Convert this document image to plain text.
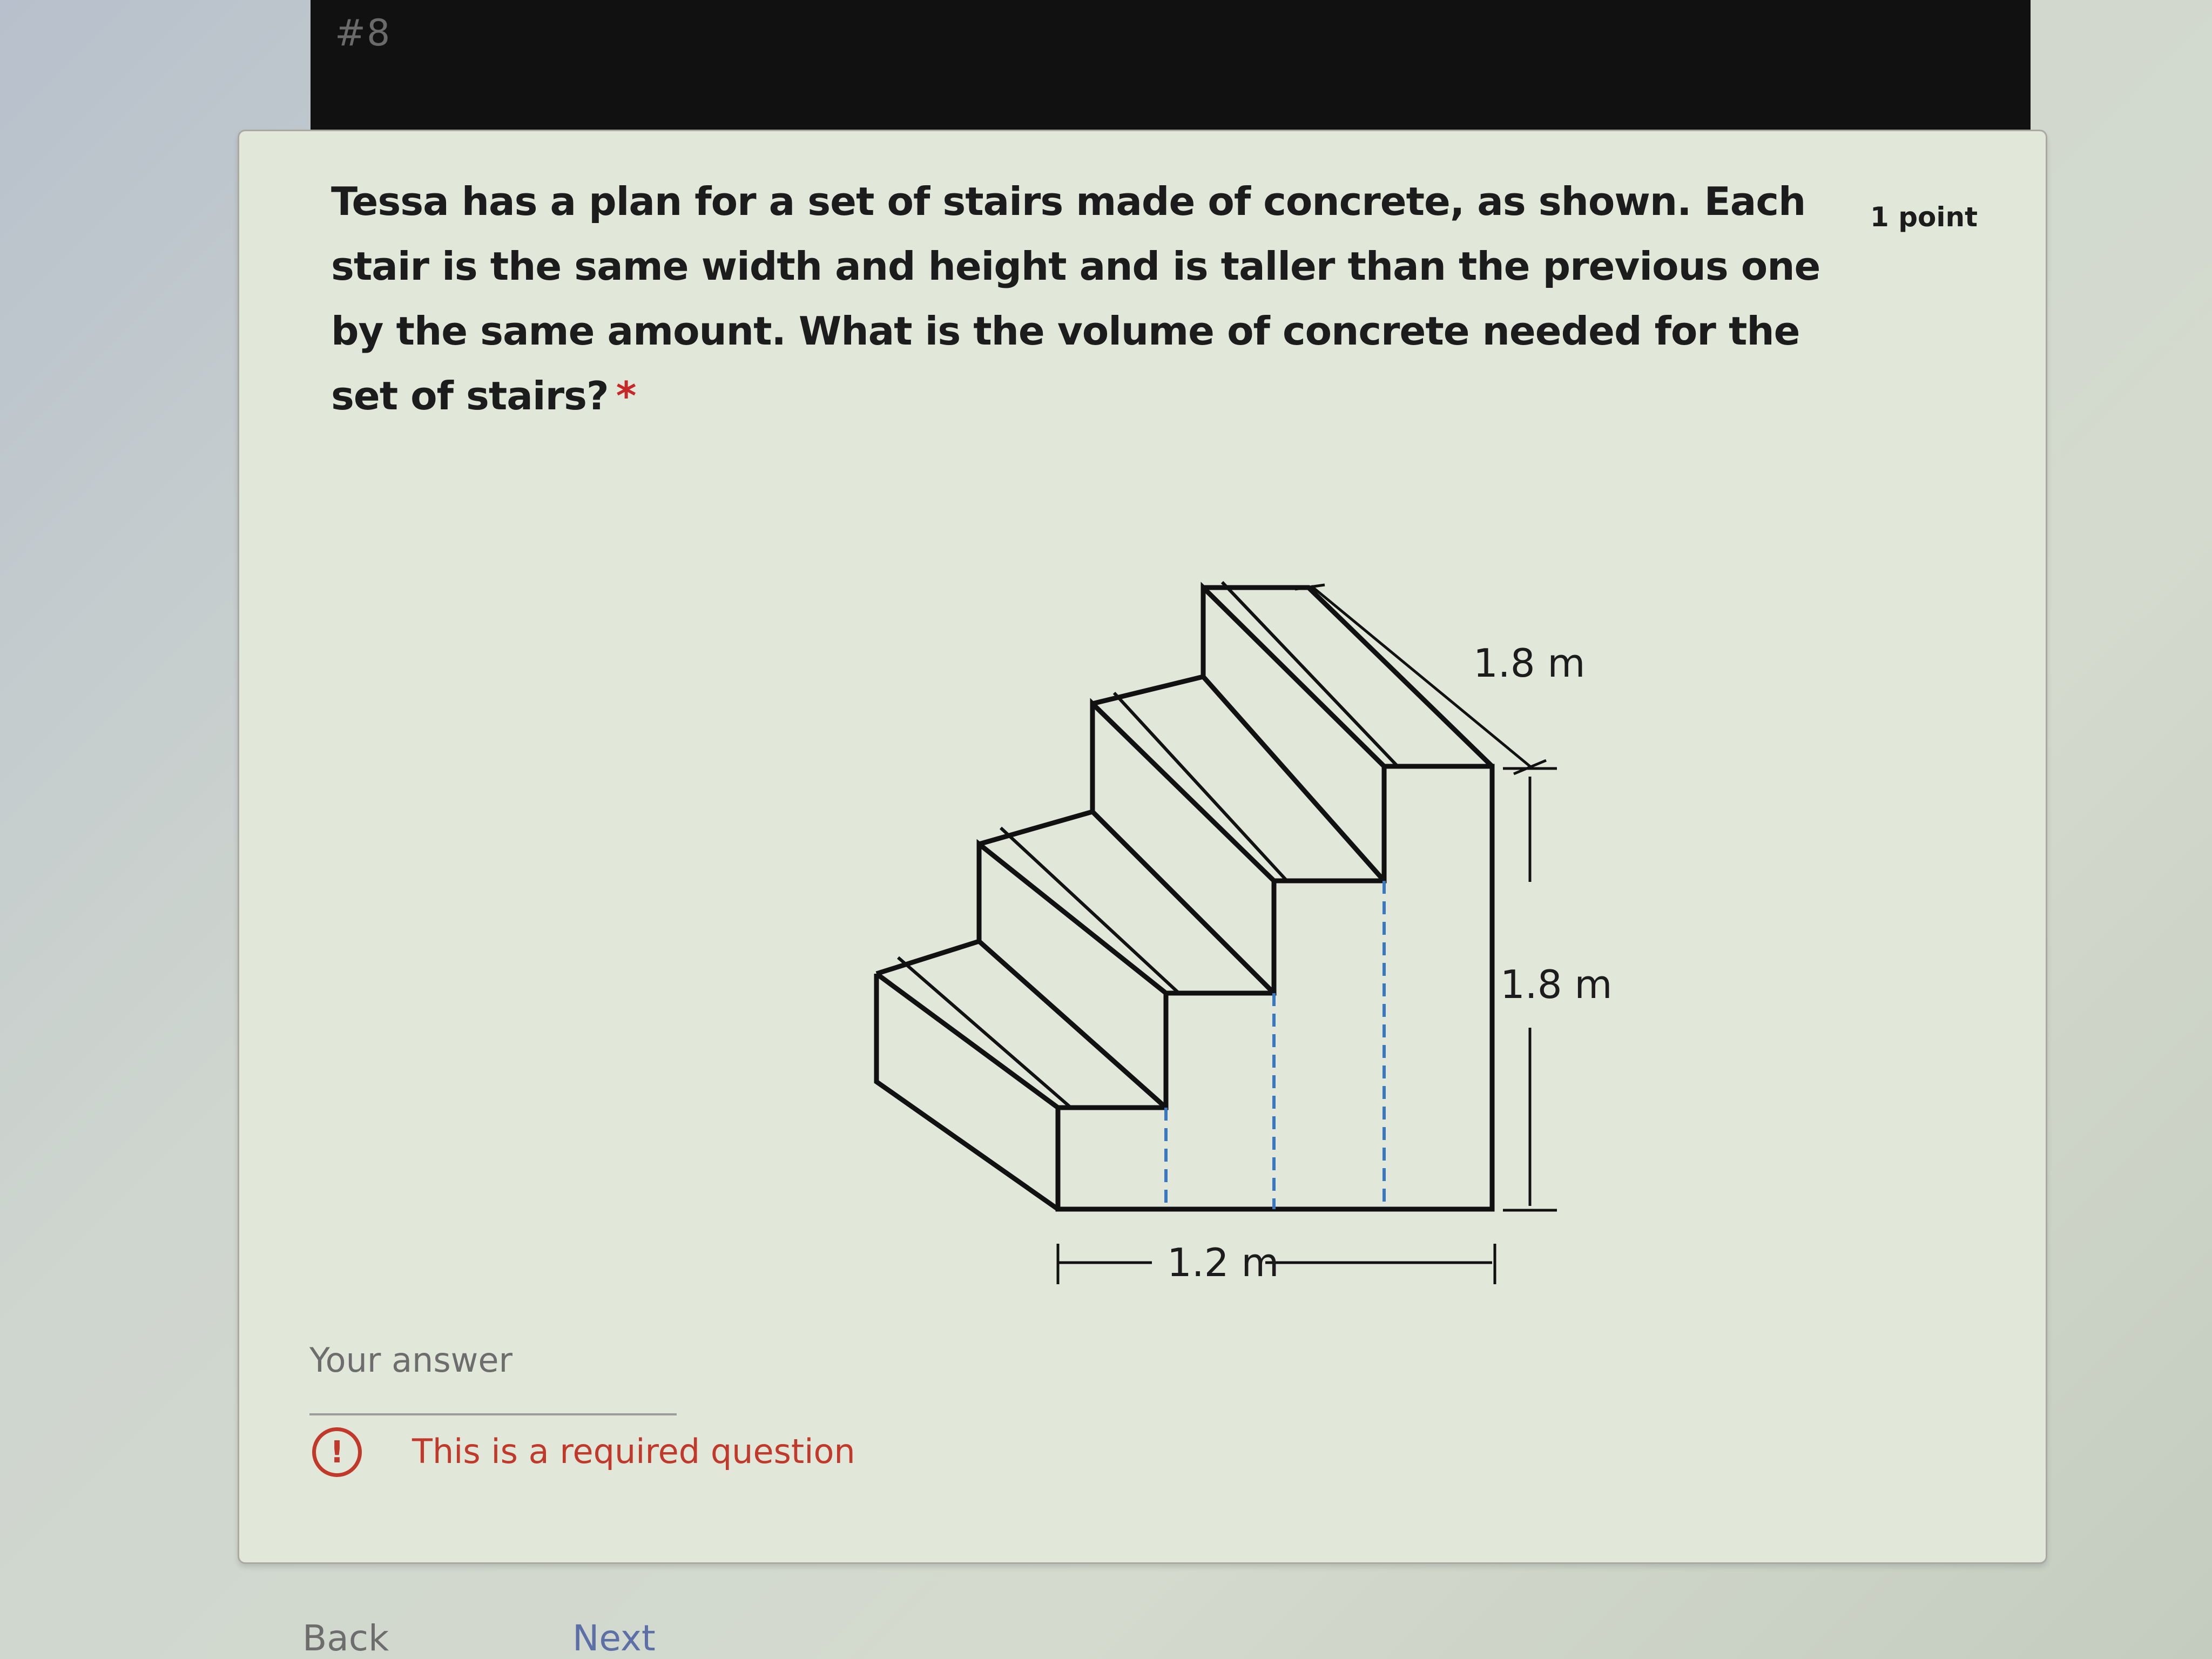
#8
Tessa has a plan for a set of stairs made of concrete, as shown. Each stair is the same width and height and is taller than the previous one by the same amount. What is the volume of concrete needed for the set of stairs? *
1 point
1.8 m
1.8 m
1.2 m
Your answer
!	This is a required question
Back	Next
